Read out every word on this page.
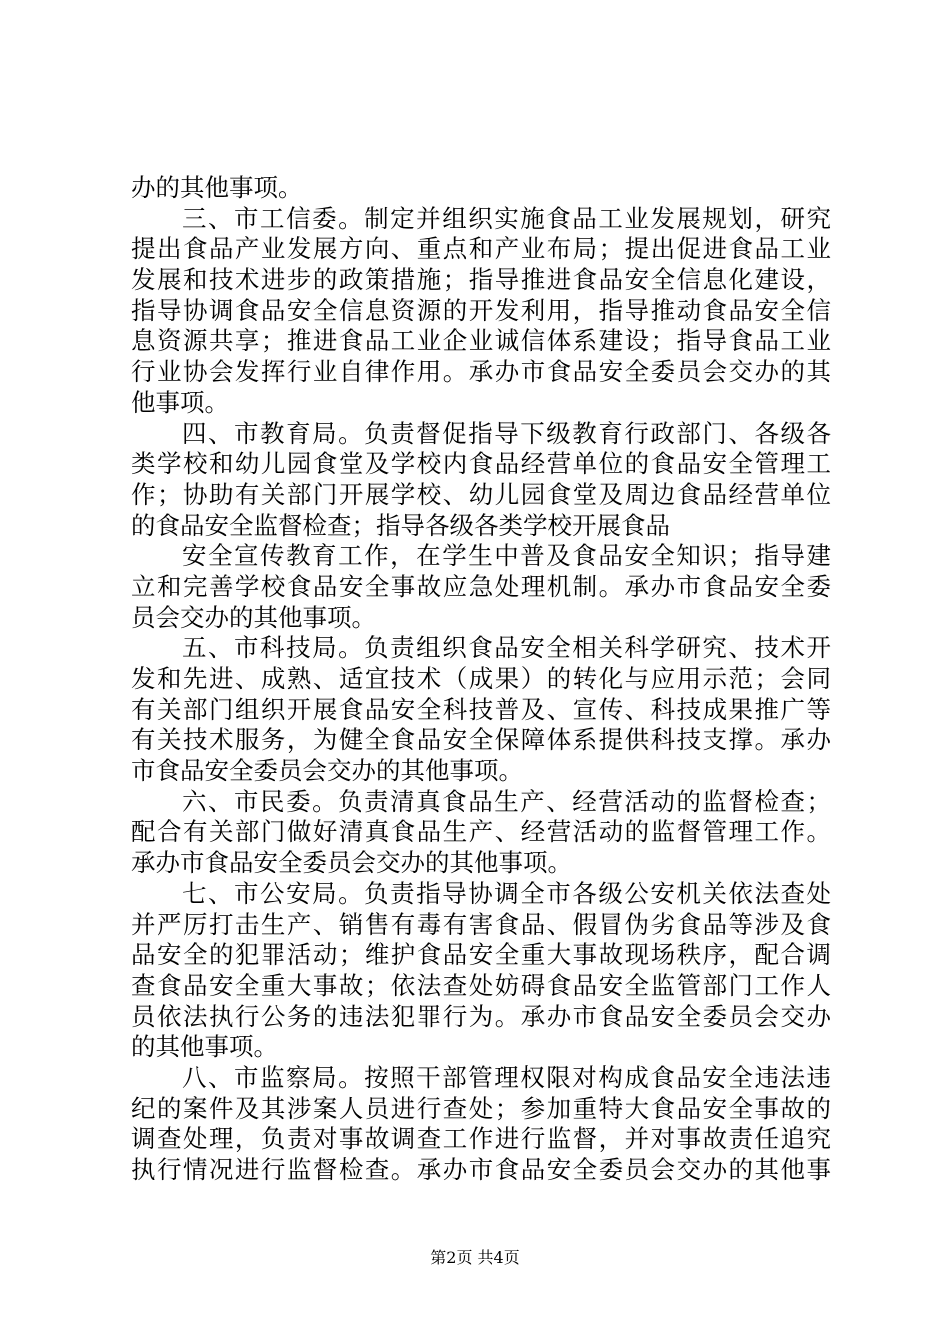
办的其他事项。
三、市工信委。制定并组织实施食品工业发展规划，研究
提出食品产业发展方向、重点和产业布局；提出促进食品工业
发展和技术进步的政策措施；指导推进食品安全信息化建设，
指导协调食品安全信息资源的开发利用，指导推动食品安全信
息资源共享；推进食品工业企业诚信体系建设；指导食品工业
行业协会发挥行业自律作用。承办市食品安全委员会交办的其
他事项。
四、市教育局。负责督促指导下级教育行政部门、各级各
类学校和幼儿园食堂及学校内食品经营单位的食品安全管理工
作；协助有关部门开展学校、幼儿园食堂及周边食品经营单位
的食品安全监督检查；指导各级各类学校开展食品
安全宣传教育工作，在学生中普及食品安全知识；指导建
立和完善学校食品安全事故应急处理机制。承办市食品安全委
员会交办的其他事项。
五、市科技局。负责组织食品安全相关科学研究、技术开
发和先进、成熟、适宜技术（成果）的转化与应用示范；会同
有关部门组织开展食品安全科技普及、宣传、科技成果推广等
有关技术服务，为健全食品安全保障体系提供科技支撑。承办
市食品安全委员会交办的其他事项。
六、市民委。负责清真食品生产、经营活动的监督检查；
配合有关部门做好清真食品生产、经营活动的监督管理工作。
承办市食品安全委员会交办的其他事项。
七、市公安局。负责指导协调全市各级公安机关依法查处
并严厉打击生产、销售有毒有害食品、假冒伪劣食品等涉及食
品安全的犯罪活动；维护食品安全重大事故现场秩序，配合调
查食品安全重大事故；依法查处妨碍食品安全监管部门工作人
员依法执行公务的违法犯罪行为。承办市食品安全委员会交办
的其他事项。
八、市监察局。按照干部管理权限对构成食品安全违法违
纪的案件及其涉案人员进行查处；参加重特大食品安全事故的
调查处理，负责对事故调查工作进行监督，并对事故责任追究
执行情况进行监督检查。承办市食品安全委员会交办的其他事
第2页 共4页
